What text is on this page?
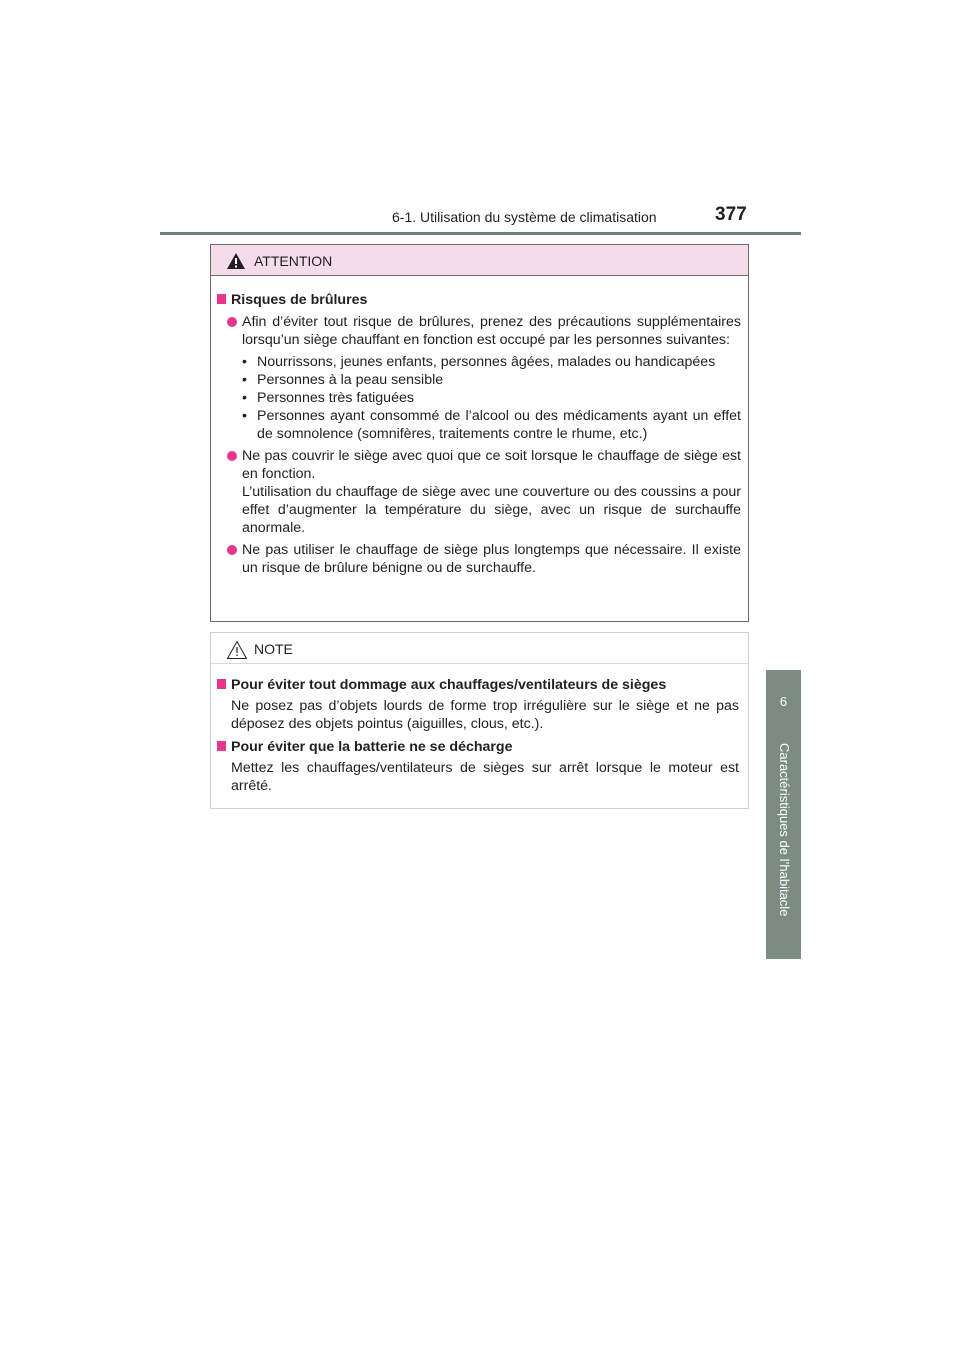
6-1. Utilisation du système de climatisation	377
6
Caractéristiques de l’habitacle
ATTENTION
Risques de brûlures
Afin d’éviter tout risque de brûlures, prenez des précautions supplémentaires lorsqu’un siège chauffant en fonction est occupé par les personnes suivantes:
• Nourrissons, jeunes enfants, personnes âgées, malades ou handicapées
• Personnes à la peau sensible
• Personnes très fatiguées
• Personnes ayant consommé de l’alcool ou des médicaments ayant un effet de somnolence (somnifères, traitements contre le rhume, etc.)

Ne pas couvrir le siège avec quoi que ce soit lorsque le chauffage de siège est en fonction.

L’utilisation du chauffage de siège avec une couverture ou des coussins a pour effet d’augmenter la température du siège, avec un risque de surchauffe anormale.

Ne pas utiliser le chauffage de siège plus longtemps que nécessaire. Il existe un risque de brûlure bénigne ou de surchauffe.
NOTE
Pour éviter tout dommage aux chauffages/ventilateurs de sièges
Ne posez pas d’objets lourds de forme trop irrégulière sur le siège et ne pas déposez des objets pointus (aiguilles, clous, etc.).
Pour éviter que la batterie ne se décharge
Mettez les chauffages/ventilateurs de sièges sur arrêt lorsque le moteur est arrêté.
